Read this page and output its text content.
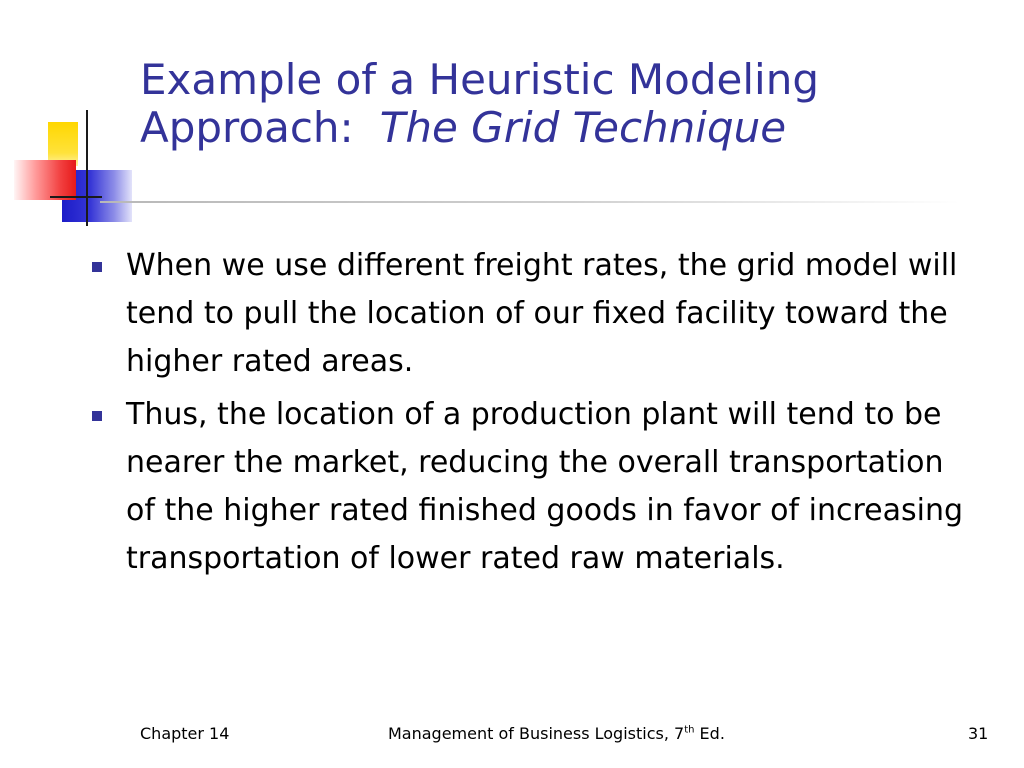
Example of a Heuristic Modeling
Approach: The Grid Technique
When we use different freight rates, the grid model will tend to pull the location of our fixed facility toward the higher rated areas.
Thus, the location of a production plant will tend to be nearer the market, reducing the overall transportation of the higher rated finished goods in favor of increasing transportation of lower rated raw materials.
Chapter 14	Management of Business Logistics, 7th Ed.	31
